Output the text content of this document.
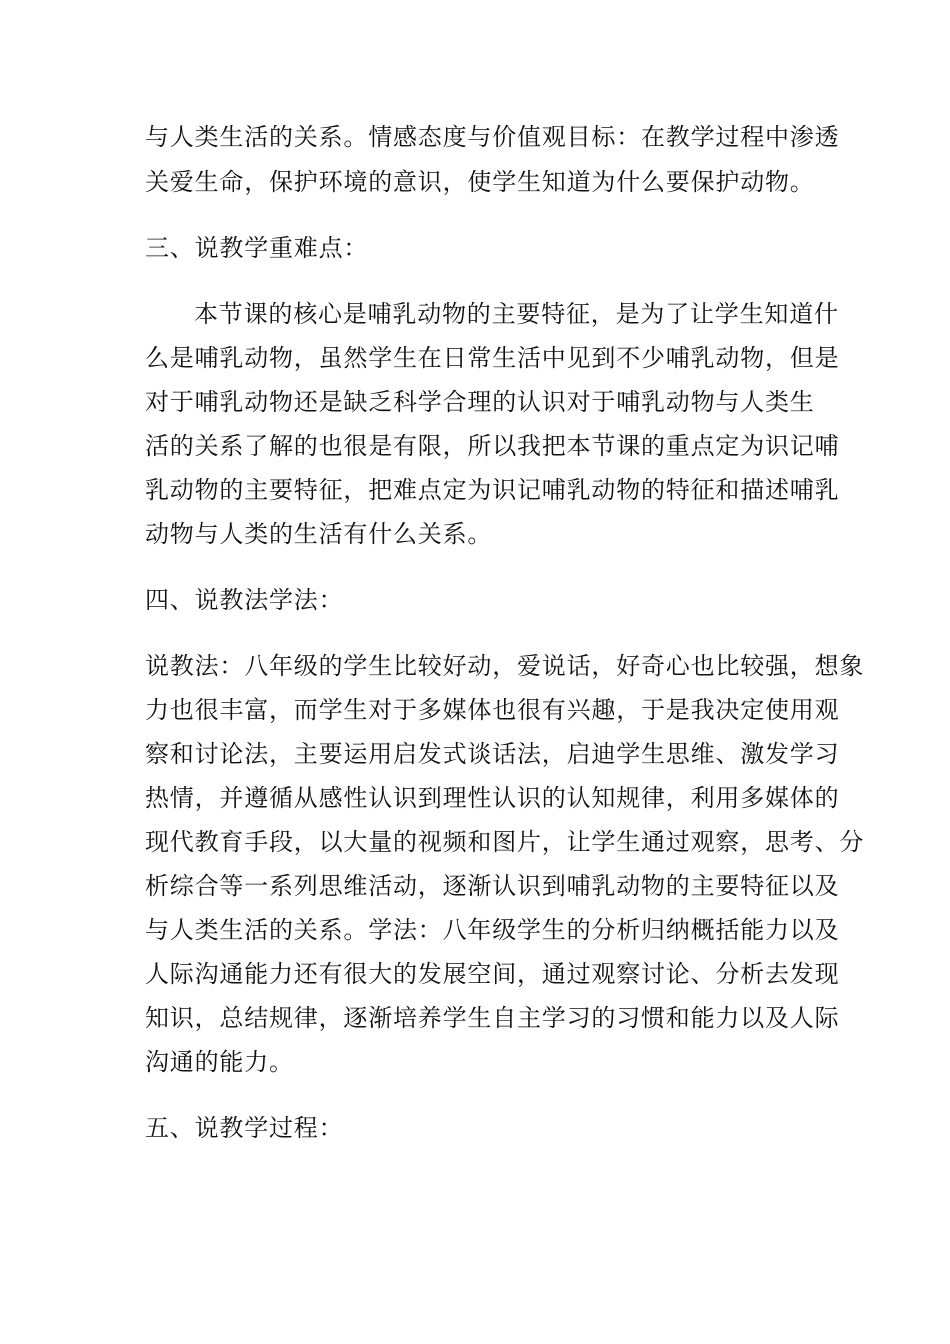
与人类生活的关系。情感态度与价值观目标：在教学过程中渗透
关爱生命，保护环境的意识，使学生知道为什么要保护动物。
三、说教学重难点：
本节课的核心是哺乳动物的主要特征，是为了让学生知道什
么是哺乳动物，虽然学生在日常生活中见到不少哺乳动物，但是
对于哺乳动物还是缺乏科学合理的认识对于哺乳动物与人类生
活的关系了解的也很是有限，所以我把本节课的重点定为识记哺
乳动物的主要特征，把难点定为识记哺乳动物的特征和描述哺乳
动物与人类的生活有什么关系。
四、说教法学法：
说教法：八年级的学生比较好动，爱说话，好奇心也比较强，想象
力也很丰富，而学生对于多媒体也很有兴趣，于是我决定使用观
察和讨论法，主要运用启发式谈话法，启迪学生思维、激发学习
热情，并遵循从感性认识到理性认识的认知规律，利用多媒体的
现代教育手段，以大量的视频和图片，让学生通过观察，思考、分
析综合等一系列思维活动，逐渐认识到哺乳动物的主要特征以及
与人类生活的关系。学法：八年级学生的分析归纳概括能力以及
人际沟通能力还有很大的发展空间，通过观察讨论、分析去发现
知识，总结规律，逐渐培养学生自主学习的习惯和能力以及人际
沟通的能力。
五、说教学过程：
